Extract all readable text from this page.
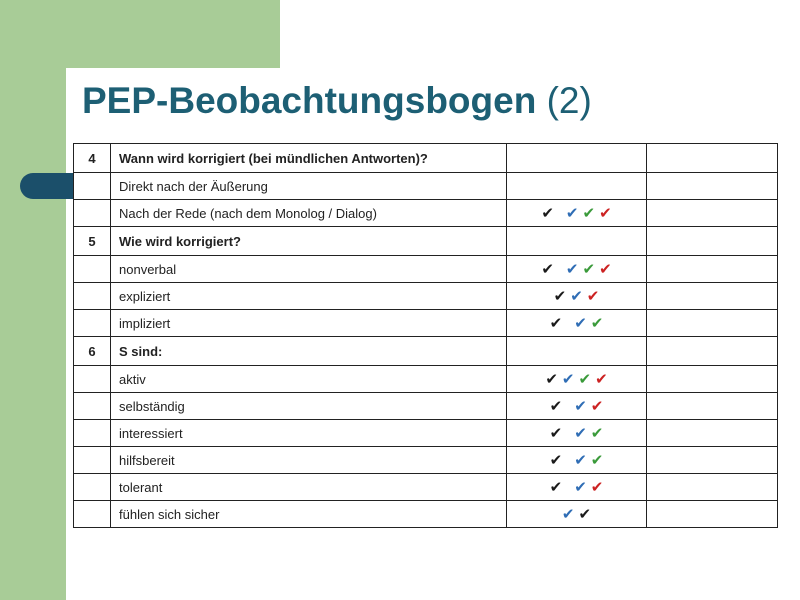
PEP-Beobachtungsbogen (2)
4	Wann wird korrigiert (bei mündlichen Antworten)?		
	Direkt nach der Äußerung		
	Nach der Rede (nach dem Monolog / Dialog)	✔ ✔ ✔ ✔	
5	Wie wird korrigiert?		
	nonverbal	✔ ✔ ✔ ✔	
	expliziert	✔ ✔ ✔	
	impliziert	✔ ✔ ✔	
6	S sind:		
	aktiv	✔ ✔ ✔ ✔	
	selbständig	✔ ✔ ✔	
	interessiert	✔ ✔ ✔	
	hilfsbereit	✔ ✔ ✔	
	tolerant	✔ ✔ ✔	
	fühlen sich sicher	✔ ✔	
